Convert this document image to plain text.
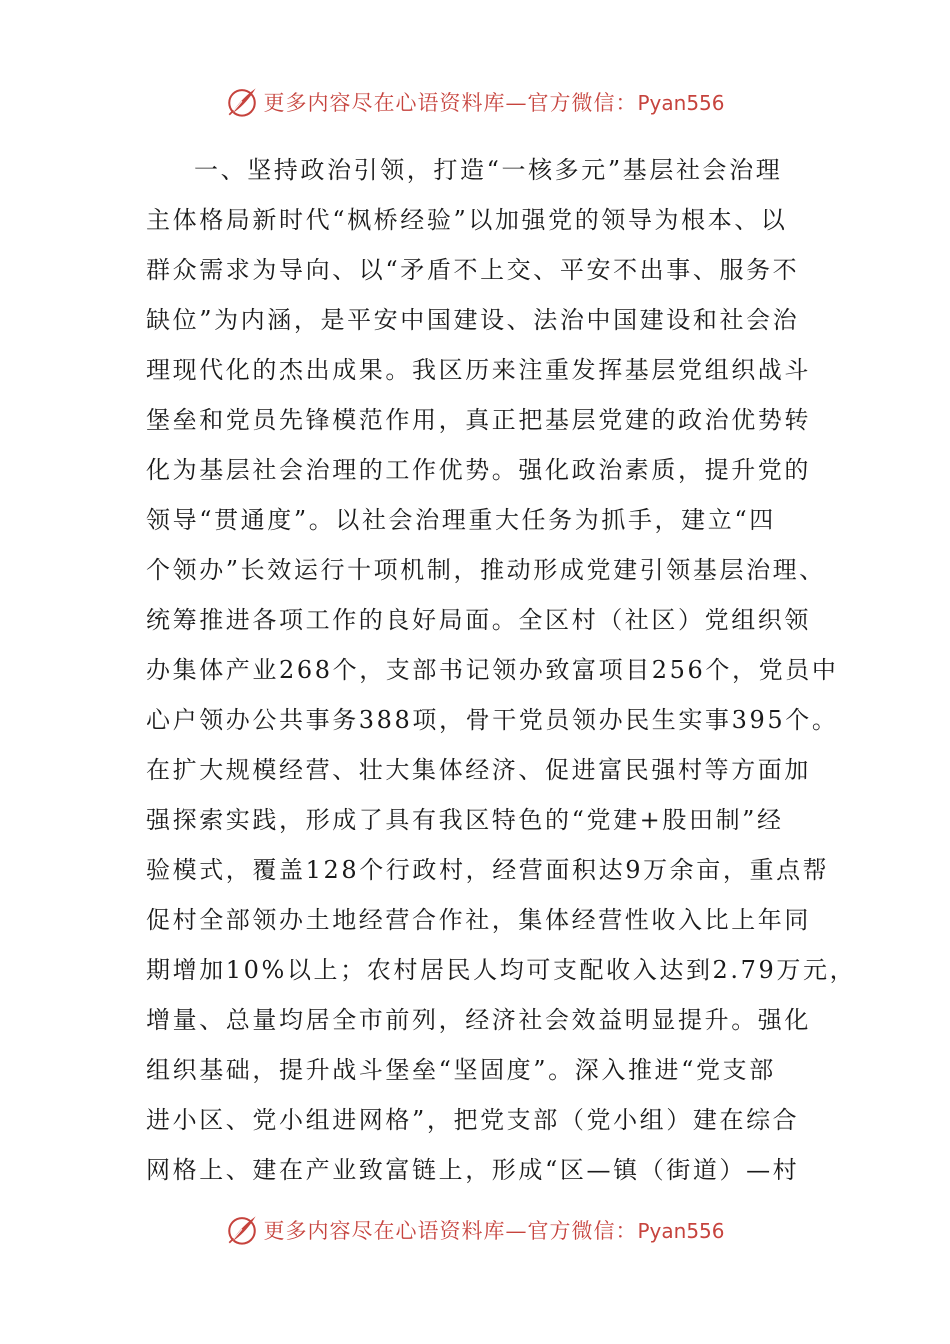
更多内容尽在心语资料库—官方微信：Pyan556
一、坚持政治引领，打造“一核多元”基层社会治理
主体格局新时代“枫桥经验”以加强党的领导为根本、以
群众需求为导向、以“矛盾不上交、平安不出事、服务不
缺位”为内涵，是平安中国建设、法治中国建设和社会治
理现代化的杰出成果。我区历来注重发挥基层党组织战斗
堡垒和党员先锋模范作用，真正把基层党建的政治优势转
化为基层社会治理的工作优势。强化政治素质，提升党的
领导“贯通度”。以社会治理重大任务为抓手，建立“四
个领办”长效运行十项机制，推动形成党建引领基层治理、
统筹推进各项工作的良好局面。全区村（社区）党组织领
办集体产业268个，支部书记领办致富项目256个，党员中
心户领办公共事务388项，骨干党员领办民生实事395个。
在扩大规模经营、壮大集体经济、促进富民强村等方面加
强探索实践，形成了具有我区特色的“党建+股田制”经
验模式，覆盖128个行政村，经营面积达9万余亩，重点帮
促村全部领办土地经营合作社，集体经营性收入比上年同
期增加10%以上；农村居民人均可支配收入达到2.79万元，
增量、总量均居全市前列，经济社会效益明显提升。强化
组织基础，提升战斗堡垒“坚固度”。深入推进“党支部
进小区、党小组进网格”，把党支部（党小组）建在综合
网格上、建在产业致富链上，形成“区—镇（街道）—村
更多内容尽在心语资料库—官方微信：Pyan556
